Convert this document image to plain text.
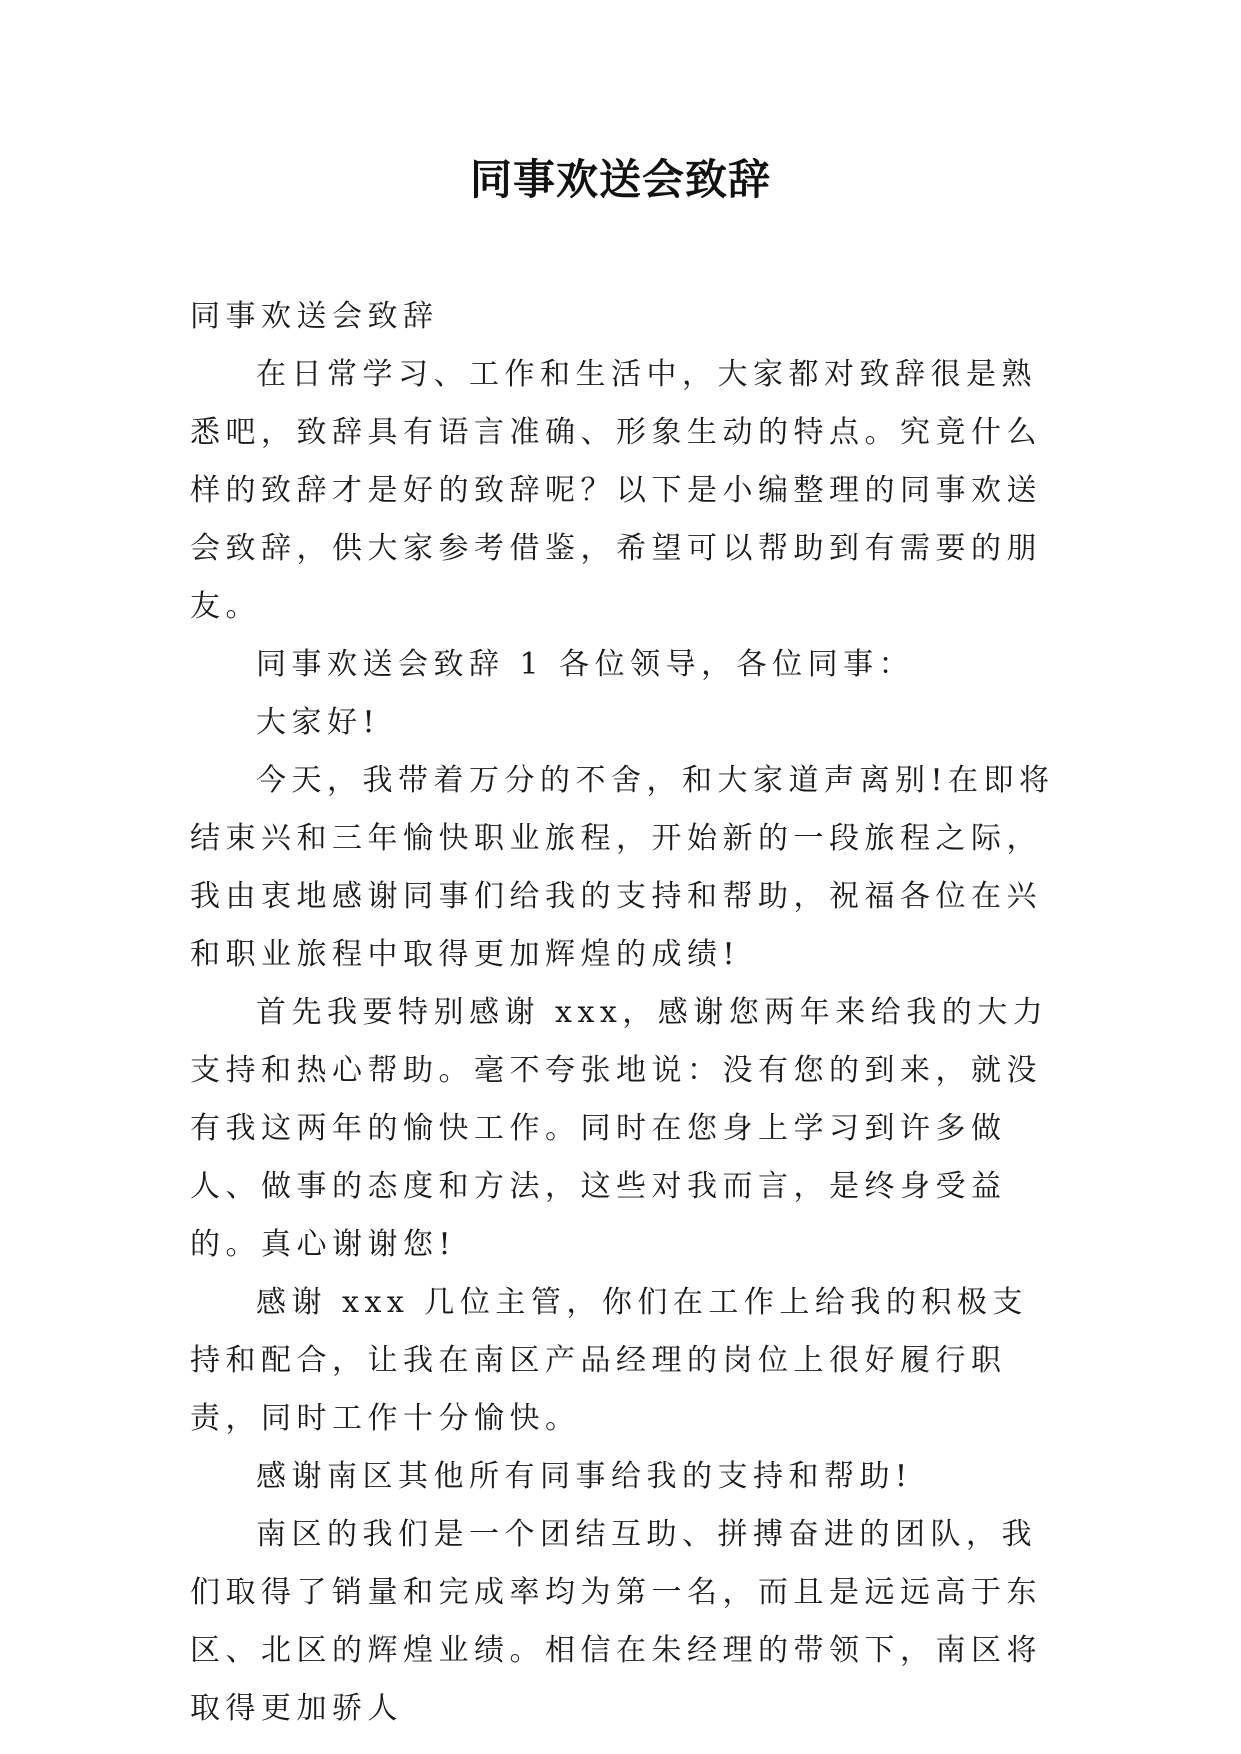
同事欢送会致辞

同事欢送会致辞

在日常学习、工作和生活中，大家都对致辞很是熟悉吧，致辞具有语言准确、形象生动的特点。究竟什么样的致辞才是好的致辞呢？以下是小编整理的同事欢送会致辞，供大家参考借鉴，希望可以帮助到有需要的朋友。

同事欢送会致辞 1 各位领导，各位同事：

大家好!

今天，我带着万分的不舍，和大家道声离别!在即将结束兴和三年愉快职业旅程，开始新的一段旅程之际，我由衷地感谢同事们给我的支持和帮助，祝福各位在兴和职业旅程中取得更加辉煌的成绩!

首先我要特别感谢 xxx，感谢您两年来给我的大力支持和热心帮助。毫不夸张地说：没有您的到来，就没有我这两年的愉快工作。同时在您身上学习到许多做人、做事的态度和方法，这些对我而言，是终身受益的。真心谢谢您!

感谢 xxx 几位主管，你们在工作上给我的积极支持和配合，让我在南区产品经理的岗位上很好履行职责，同时工作十分愉快。

感谢南区其他所有同事给我的支持和帮助!

南区的我们是一个团结互助、拼搏奋进的团队，我们取得了销量和完成率均为第一名，而且是远远高于东区、北区的辉煌业绩。相信在朱经理的带领下，南区将取得更加骄人
